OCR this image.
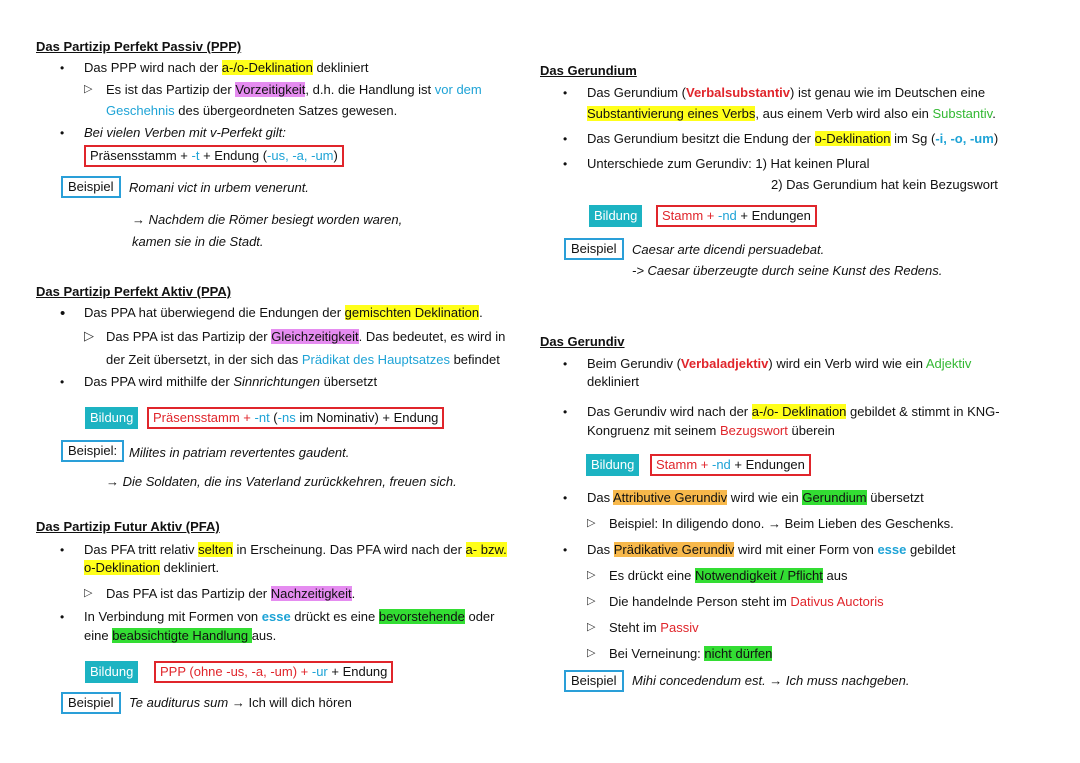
Das Partizip Perfekt Passiv (PPP)
• Das PPP wird nach der a-/o-Deklination dekliniert
▷ Es ist das Partizip der Vorzeitigkeit, d.h. die Handlung ist vor dem
Geschehnis des übergeordneten Satzes gewesen.
• Bei vielen Verben mit v-Perfekt gilt:
Präsensstamm + -t + Endung (-us, -a, -um)
Beispiel	Romani vict in urbem venerunt.
→ Nachdem die Römer besiegt worden waren,
kamen sie in die Stadt.
Das Partizip Perfekt Aktiv (PPA)
• Das PPA hat überwiegend die Endungen der gemischten Deklination.
▷ Das PPA ist das Partizip der Gleichzeitigkeit. Das bedeutet, es wird in
der Zeit übersetzt, in der sich das Prädikat des Hauptsatzes befindet
• Das PPA wird mithilfe der Sinnrichtungen übersetzt
Bildung	Präsensstamm + -nt (-ns im Nominativ) + Endung
Beispiel: Milites in patriam revertentes gaudent.
→ Die Soldaten, die ins Vaterland zurückkehren, freuen sich.
Das Partizip Futur Aktiv (PFA)
• Das PFA tritt relativ selten in Erscheinung. Das PFA wird nach der a- bzw.
o-Deklination dekliniert.
▷ Das PFA ist das Partizip der Nachzeitigkeit.
• In Verbindung mit Formen von esse drückt es eine bevorstehende oder
eine beabsichtigte Handlung aus.
Bildung	PPP (ohne -us, -a, -um) + -ur + Endung
Beispiel	Te auditurus sum → Ich will dich hören
Das Gerundium
• Das Gerundium (Verbalsubstantiv) ist genau wie im Deutschen eine
Substantivierung eines Verbs, aus einem Verb wird also ein Substantiv.
• Das Gerundium besitzt die Endung der o-Deklination im Sg (-i, -o, -um)
• Unterschiede zum Gerundiv: 1) Hat keinen Plural
2) Das Gerundium hat kein Bezugswort
Bildung	Stamm + -nd + Endungen
Beispiel	Caesar arte dicendi persuadebat.
-> Caesar überzeugte durch seine Kunst des Redens.
Das Gerundiv
• Beim Gerundiv (Verbaladjektiv) wird ein Verb wird wie ein Adjektiv
dekliniert
• Das Gerundiv wird nach der a-/o- Deklination gebildet & stimmt in KNG-
Kongruenz mit seinem Bezugswort überein
Bildung	Stamm + -nd + Endungen
• Das Attributive Gerundiv wird wie ein Gerundium übersetzt
▷ Beispiel: In diligendo dono. → Beim Lieben des Geschenks.
• Das Prädikative Gerundiv wird mit einer Form von esse gebildet
▷ Es drückt eine Notwendigkeit / Pflicht aus
▷ Die handelnde Person steht im Dativus Auctoris
▷ Steht im Passiv
▷ Bei Verneinung: nicht dürfen
Beispiel	Mihi concedendum est. → Ich muss nachgeben.
